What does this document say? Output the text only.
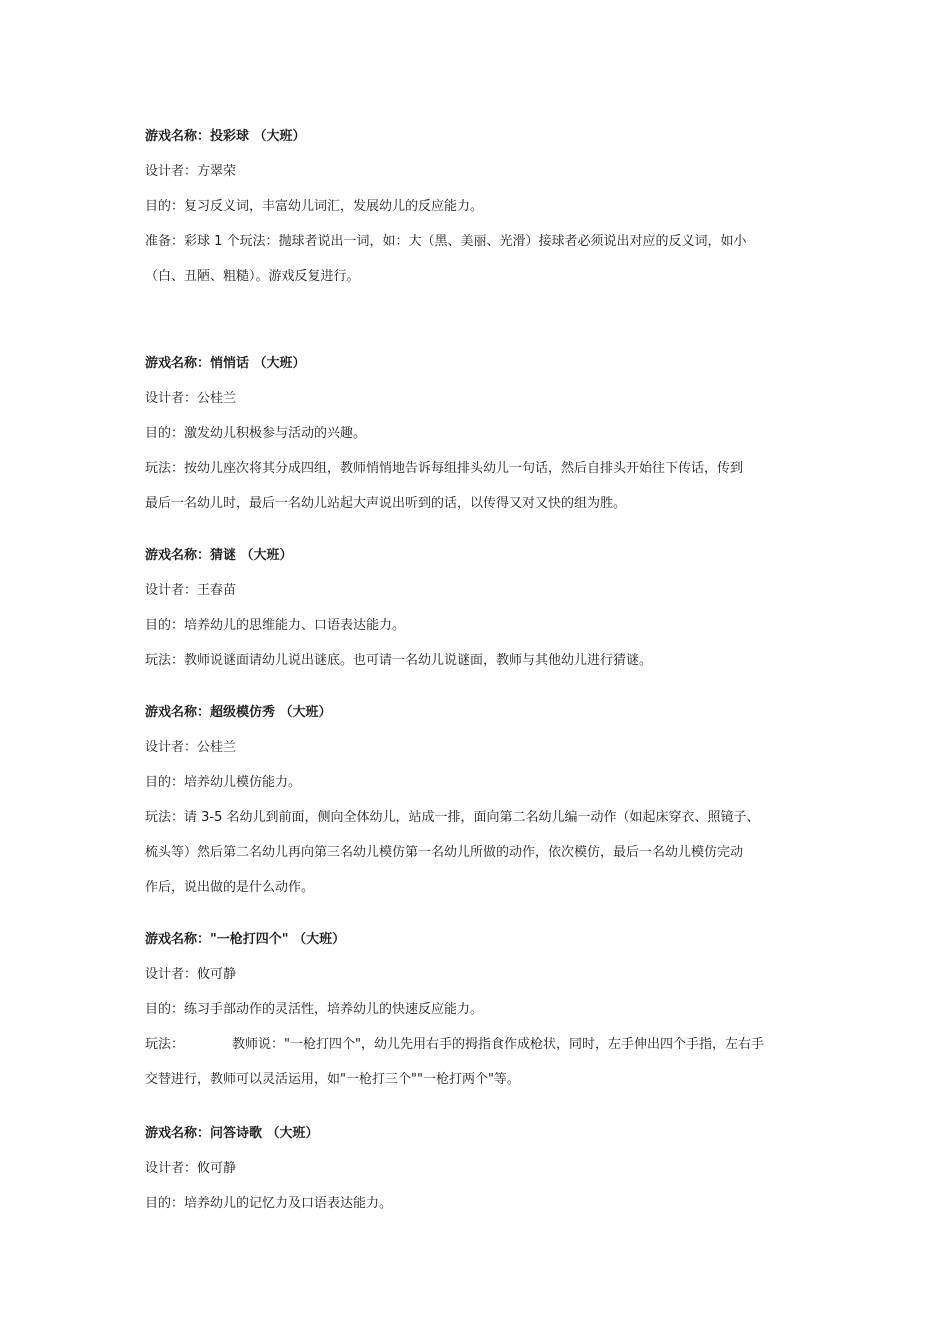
游戏名称：投彩球 （大班）
设计者：方翠荣
目的：复习反义词，丰富幼儿词汇，发展幼儿的反应能力。
准备：彩球 1 个玩法：抛球者说出一词，如：大（黑、美丽、光滑）接球者必须说出对应的反义词，如小
（白、丑陋、粗糙）。游戏反复进行。
游戏名称：悄悄话 （大班）
设计者：公桂兰
目的：激发幼儿积极参与活动的兴趣。
玩法：按幼儿座次将其分成四组，教师悄悄地告诉每组排头幼儿一句话，然后自排头开始往下传话，传到
最后一名幼儿时，最后一名幼儿站起大声说出听到的话，以传得又对又快的组为胜。
游戏名称：猜谜 （大班）
设计者：王春苗
目的：培养幼儿的思维能力、口语表达能力。
玩法：教师说谜面请幼儿说出谜底。也可请一名幼儿说谜面，教师与其他幼儿进行猜谜。
游戏名称：超级模仿秀 （大班）
设计者：公桂兰
目的：培养幼儿模仿能力。
玩法：请 3-5 名幼儿到前面，侧向全体幼儿，站成一排，面向第二名幼儿编一动作（如起床穿衣、照镜子、
梳头等）然后第二名幼儿再向第三名幼儿模仿第一名幼儿所做的动作，依次模仿，最后一名幼儿模仿完动
作后，说出做的是什么动作。
游戏名称："一枪打四个" （大班）
设计者：攸可静
目的：练习手部动作的灵活性，培养幼儿的快速反应能力。
玩法：	教师说："一枪打四个"，幼儿先用右手的拇指食作成枪状，同时，左手伸出四个手指，左右手
交替进行，教师可以灵活运用，如"一枪打三个""一枪打两个"等。
游戏名称：问答诗歌 （大班）
设计者：攸可静
目的：培养幼儿的记忆力及口语表达能力。
